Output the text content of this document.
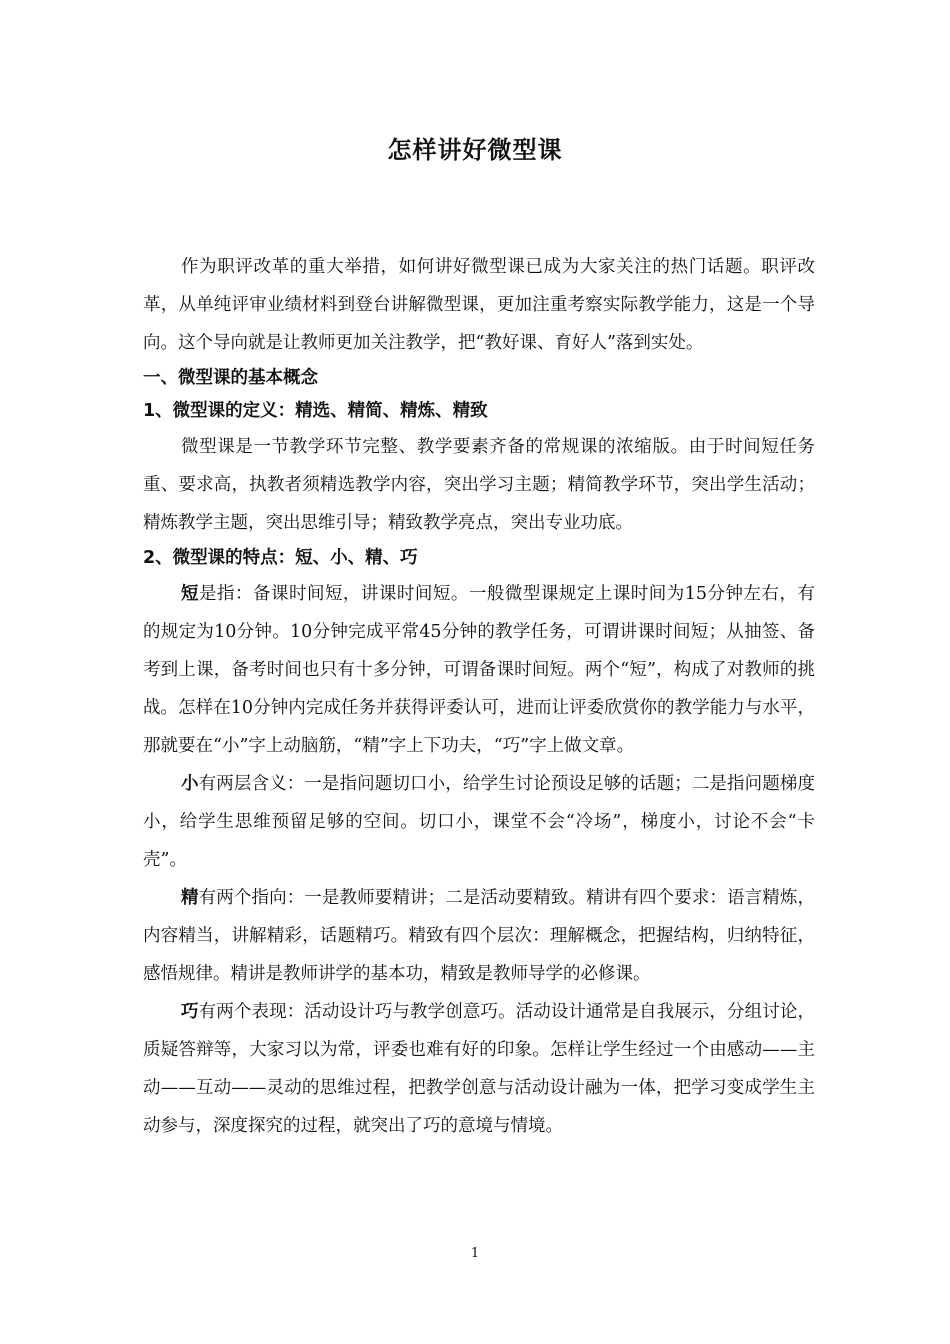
怎样讲好微型课

作为职评改革的重大举措，如何讲好微型课已成为大家关注的热门话题。职评改革，从单纯评审业绩材料到登台讲解微型课，更加注重考察实际教学能力，这是一个导向。这个导向就是让教师更加关注教学，把“教好课、育好人”落到实处。

一、微型课的基本概念

1、微型课的定义：精选、精简、精炼、精致

微型课是一节教学环节完整、教学要素齐备的常规课的浓缩版。由于时间短任务重、要求高，执教者须精选教学内容，突出学习主题；精简教学环节，突出学生活动；精炼教学主题，突出思维引导；精致教学亮点，突出专业功底。

2、微型课的特点：短、小、精、巧

短是指：备课时间短，讲课时间短。一般微型课规定上课时间为15分钟左右，有的规定为10分钟。10分钟完成平常45分钟的教学任务，可谓讲课时间短；从抽签、备考到上课，备考时间也只有十多分钟，可谓备课时间短。两个“短”，构成了对教师的挑战。怎样在10分钟内完成任务并获得评委认可，进而让评委欣赏你的教学能力与水平，那就要在“小”字上动脑筋，“精”字上下功夫，“巧”字上做文章。

小有两层含义：一是指问题切口小，给学生讨论预设足够的话题；二是指问题梯度小，给学生思维预留足够的空间。切口小，课堂不会“冷场”，梯度小，讨论不会“卡壳”。

精有两个指向：一是教师要精讲；二是活动要精致。精讲有四个要求：语言精炼，内容精当，讲解精彩，话题精巧。精致有四个层次：理解概念，把握结构，归纳特征，感悟规律。精讲是教师讲学的基本功，精致是教师导学的必修课。

巧有两个表现：活动设计巧与教学创意巧。活动设计通常是自我展示，分组讨论，质疑答辩等，大家习以为常，评委也难有好的印象。怎样让学生经过一个由感动——主动——互动——灵动的思维过程，把教学创意与活动设计融为一体，把学习变成学生主动参与，深度探究的过程，就突出了巧的意境与情境。

1
